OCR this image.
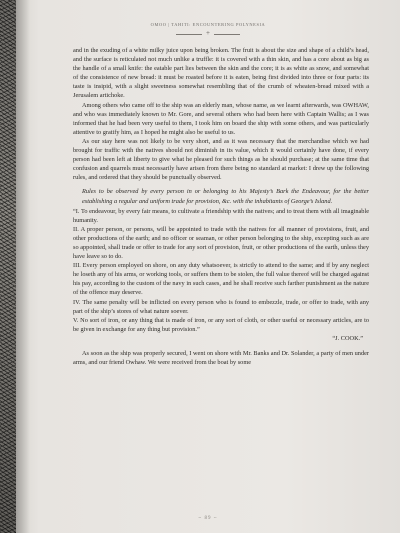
OMOO | TAHITI: ENCOUNTERING POLYNESIA
+

and in the exuding of a white milky juice upon being broken. The fruit is about the size and shape of a child’s head, and the surface is reticulated not much unlike a truffle: it is covered with a thin skin, and has a core about as big as the handle of a small knife: the eatable part lies between the skin and the core; it is as white as snow, and somewhat of the consistence of new bread: it must be roasted before it is eaten, being first divided into three or four parts: its taste is insipid, with a slight sweetness somewhat resembling that of the crumb of wheaten-bread mixed with a Jerusalem artichoke.

Among others who came off to the ship was an elderly man, whose name, as we learnt afterwards, was OWHAW, and who was immediately known to Mr. Gore, and several others who had been here with Captain Wallis; as I was informed that he had been very useful to them, I took him on board the ship with some others, and was particularly attentive to gratify him, as I hoped he might also be useful to us.

As our stay here was not likely to be very short, and as it was necessary that the merchandise which we had brought for traffic with the natives should not diminish in its value, which it would certainly have done, if every person had been left at liberty to give what he pleased for such things as he should purchase; at the same time that confusion and quarrels must necessarily have arisen from there being no standard at market: I drew up the following rules, and ordered that they should be punctually observed.

Rules to be observed by every person in or belonging to his Majesty’s Bark the Endeavour, for the better establishing a regular and uniform trade for provision, &c. with the inhabitants of George’s Island.

“I. To endeavour, by every fair means, to cultivate a friendship with the natives; and to treat them with all imaginable humanity.

II. A proper person, or persons, will be appointed to trade with the natives for all manner of provisions, fruit, and other productions of the earth; and no officer or seaman, or other person belonging to the ship, excepting such as are so appointed, shall trade or offer to trade for any sort of provision, fruit, or other productions of the earth, unless they have leave so to do.

III. Every person employed on shore, on any duty whatsoever, is strictly to attend to the same; and if by any neglect he loseth any of his arms, or working tools, or suffers them to be stolen, the full value thereof will be charged against his pay, according to the custom of the navy in such cases, and he shall receive such farther punishment as the nature of the offence may deserve.

IV. The same penalty will be inflicted on every person who is found to embezzle, trade, or offer to trade, with any part of the ship’s stores of what nature soever.

V. No sort of iron, or any thing that is made of iron, or any sort of cloth, or other useful or necessary articles, are to be given in exchange for any thing but provision.”

“J. COOK.”

As soon as the ship was properly secured, I went on shore with Mr. Banks and Dr. Solander, a party of men under arms, and our friend Owhaw. We were received from the boat by some

~ 89 ~
